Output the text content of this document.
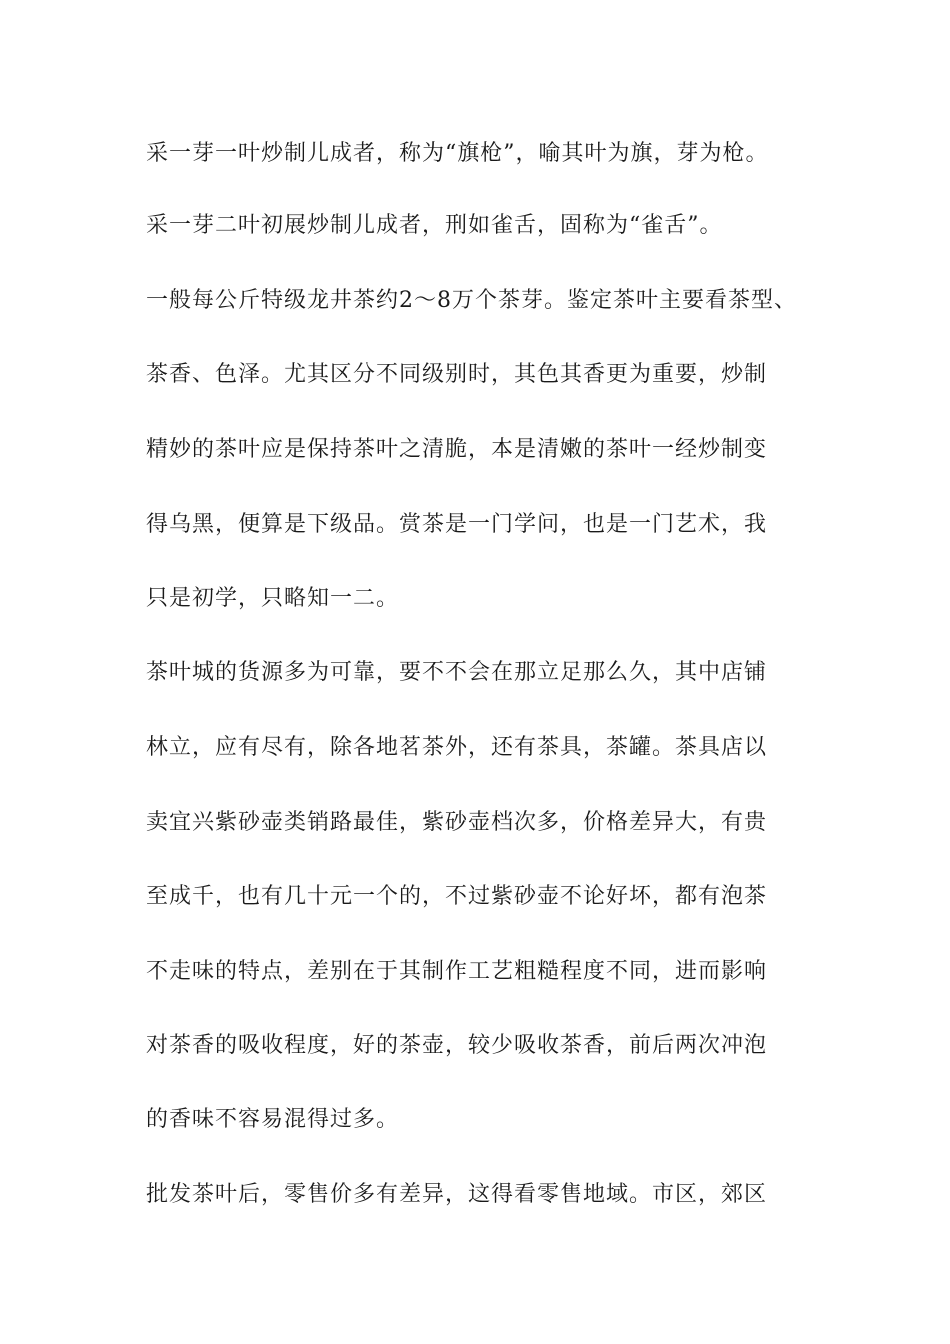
采一芽一叶炒制儿成者，称为“旗枪”，喻其叶为旗，芽为枪。
采一芽二叶初展炒制儿成者，刑如雀舌，固称为“雀舌”。
一般每公斤特级龙井茶约2～8万个茶芽。鉴定茶叶主要看茶型、
茶香、色泽。尤其区分不同级别时，其色其香更为重要，炒制
精妙的茶叶应是保持茶叶之清脆，本是清嫩的茶叶一经炒制变
得乌黑，便算是下级品。赏茶是一门学问，也是一门艺术，我
只是初学，只略知一二。
茶叶城的货源多为可靠，要不不会在那立足那么久，其中店铺
林立，应有尽有，除各地茗茶外，还有茶具，茶罐。茶具店以
卖宜兴紫砂壶类销路最佳，紫砂壶档次多，价格差异大，有贵
至成千，也有几十元一个的，不过紫砂壶不论好坏，都有泡茶
不走味的特点，差别在于其制作工艺粗糙程度不同，进而影响
对茶香的吸收程度，好的茶壶，较少吸收茶香，前后两次冲泡
的香味不容易混得过多。
批发茶叶后，零售价多有差异，这得看零售地域。市区，郊区
